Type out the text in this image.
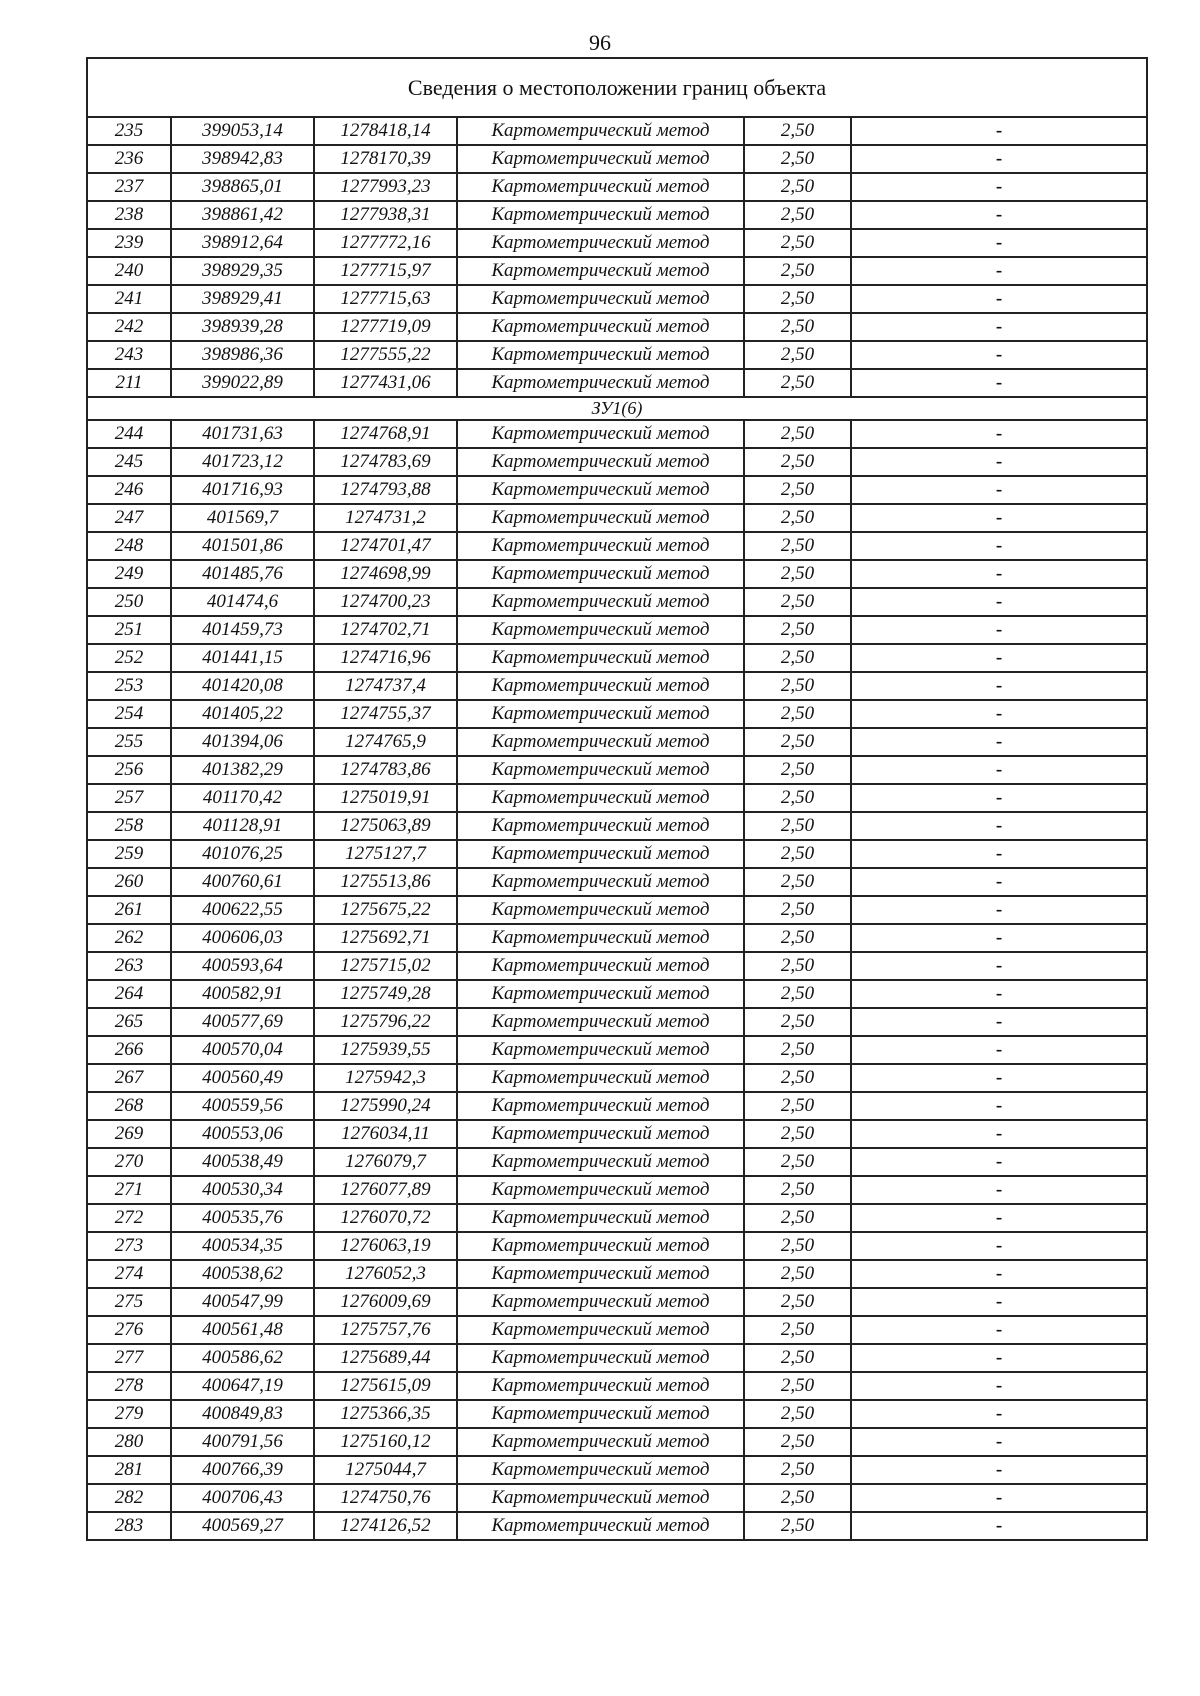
96
Сведения о местоположении границ объекта					
235	399053,14	1278418,14	Картометрический метод	2,50	-
236	398942,83	1278170,39	Картометрический метод	2,50	-
237	398865,01	1277993,23	Картометрический метод	2,50	-
238	398861,42	1277938,31	Картометрический метод	2,50	-
239	398912,64	1277772,16	Картометрический метод	2,50	-
240	398929,35	1277715,97	Картометрический метод	2,50	-
241	398929,41	1277715,63	Картометрический метод	2,50	-
242	398939,28	1277719,09	Картометрический метод	2,50	-
243	398986,36	1277555,22	Картометрический метод	2,50	-
211	399022,89	1277431,06	Картометрический метод	2,50	-
ЗУ1(6)					
244	401731,63	1274768,91	Картометрический метод	2,50	-
245	401723,12	1274783,69	Картометрический метод	2,50	-
246	401716,93	1274793,88	Картометрический метод	2,50	-
247	401569,7	1274731,2	Картометрический метод	2,50	-
248	401501,86	1274701,47	Картометрический метод	2,50	-
249	401485,76	1274698,99	Картометрический метод	2,50	-
250	401474,6	1274700,23	Картометрический метод	2,50	-
251	401459,73	1274702,71	Картометрический метод	2,50	-
252	401441,15	1274716,96	Картометрический метод	2,50	-
253	401420,08	1274737,4	Картометрический метод	2,50	-
254	401405,22	1274755,37	Картометрический метод	2,50	-
255	401394,06	1274765,9	Картометрический метод	2,50	-
256	401382,29	1274783,86	Картометрический метод	2,50	-
257	401170,42	1275019,91	Картометрический метод	2,50	-
258	401128,91	1275063,89	Картометрический метод	2,50	-
259	401076,25	1275127,7	Картометрический метод	2,50	-
260	400760,61	1275513,86	Картометрический метод	2,50	-
261	400622,55	1275675,22	Картометрический метод	2,50	-
262	400606,03	1275692,71	Картометрический метод	2,50	-
263	400593,64	1275715,02	Картометрический метод	2,50	-
264	400582,91	1275749,28	Картометрический метод	2,50	-
265	400577,69	1275796,22	Картометрический метод	2,50	-
266	400570,04	1275939,55	Картометрический метод	2,50	-
267	400560,49	1275942,3	Картометрический метод	2,50	-
268	400559,56	1275990,24	Картометрический метод	2,50	-
269	400553,06	1276034,11	Картометрический метод	2,50	-
270	400538,49	1276079,7	Картометрический метод	2,50	-
271	400530,34	1276077,89	Картометрический метод	2,50	-
272	400535,76	1276070,72	Картометрический метод	2,50	-
273	400534,35	1276063,19	Картометрический метод	2,50	-
274	400538,62	1276052,3	Картометрический метод	2,50	-
275	400547,99	1276009,69	Картометрический метод	2,50	-
276	400561,48	1275757,76	Картометрический метод	2,50	-
277	400586,62	1275689,44	Картометрический метод	2,50	-
278	400647,19	1275615,09	Картометрический метод	2,50	-
279	400849,83	1275366,35	Картометрический метод	2,50	-
280	400791,56	1275160,12	Картометрический метод	2,50	-
281	400766,39	1275044,7	Картометрический метод	2,50	-
282	400706,43	1274750,76	Картометрический метод	2,50	-
283	400569,27	1274126,52	Картометрический метод	2,50	-
